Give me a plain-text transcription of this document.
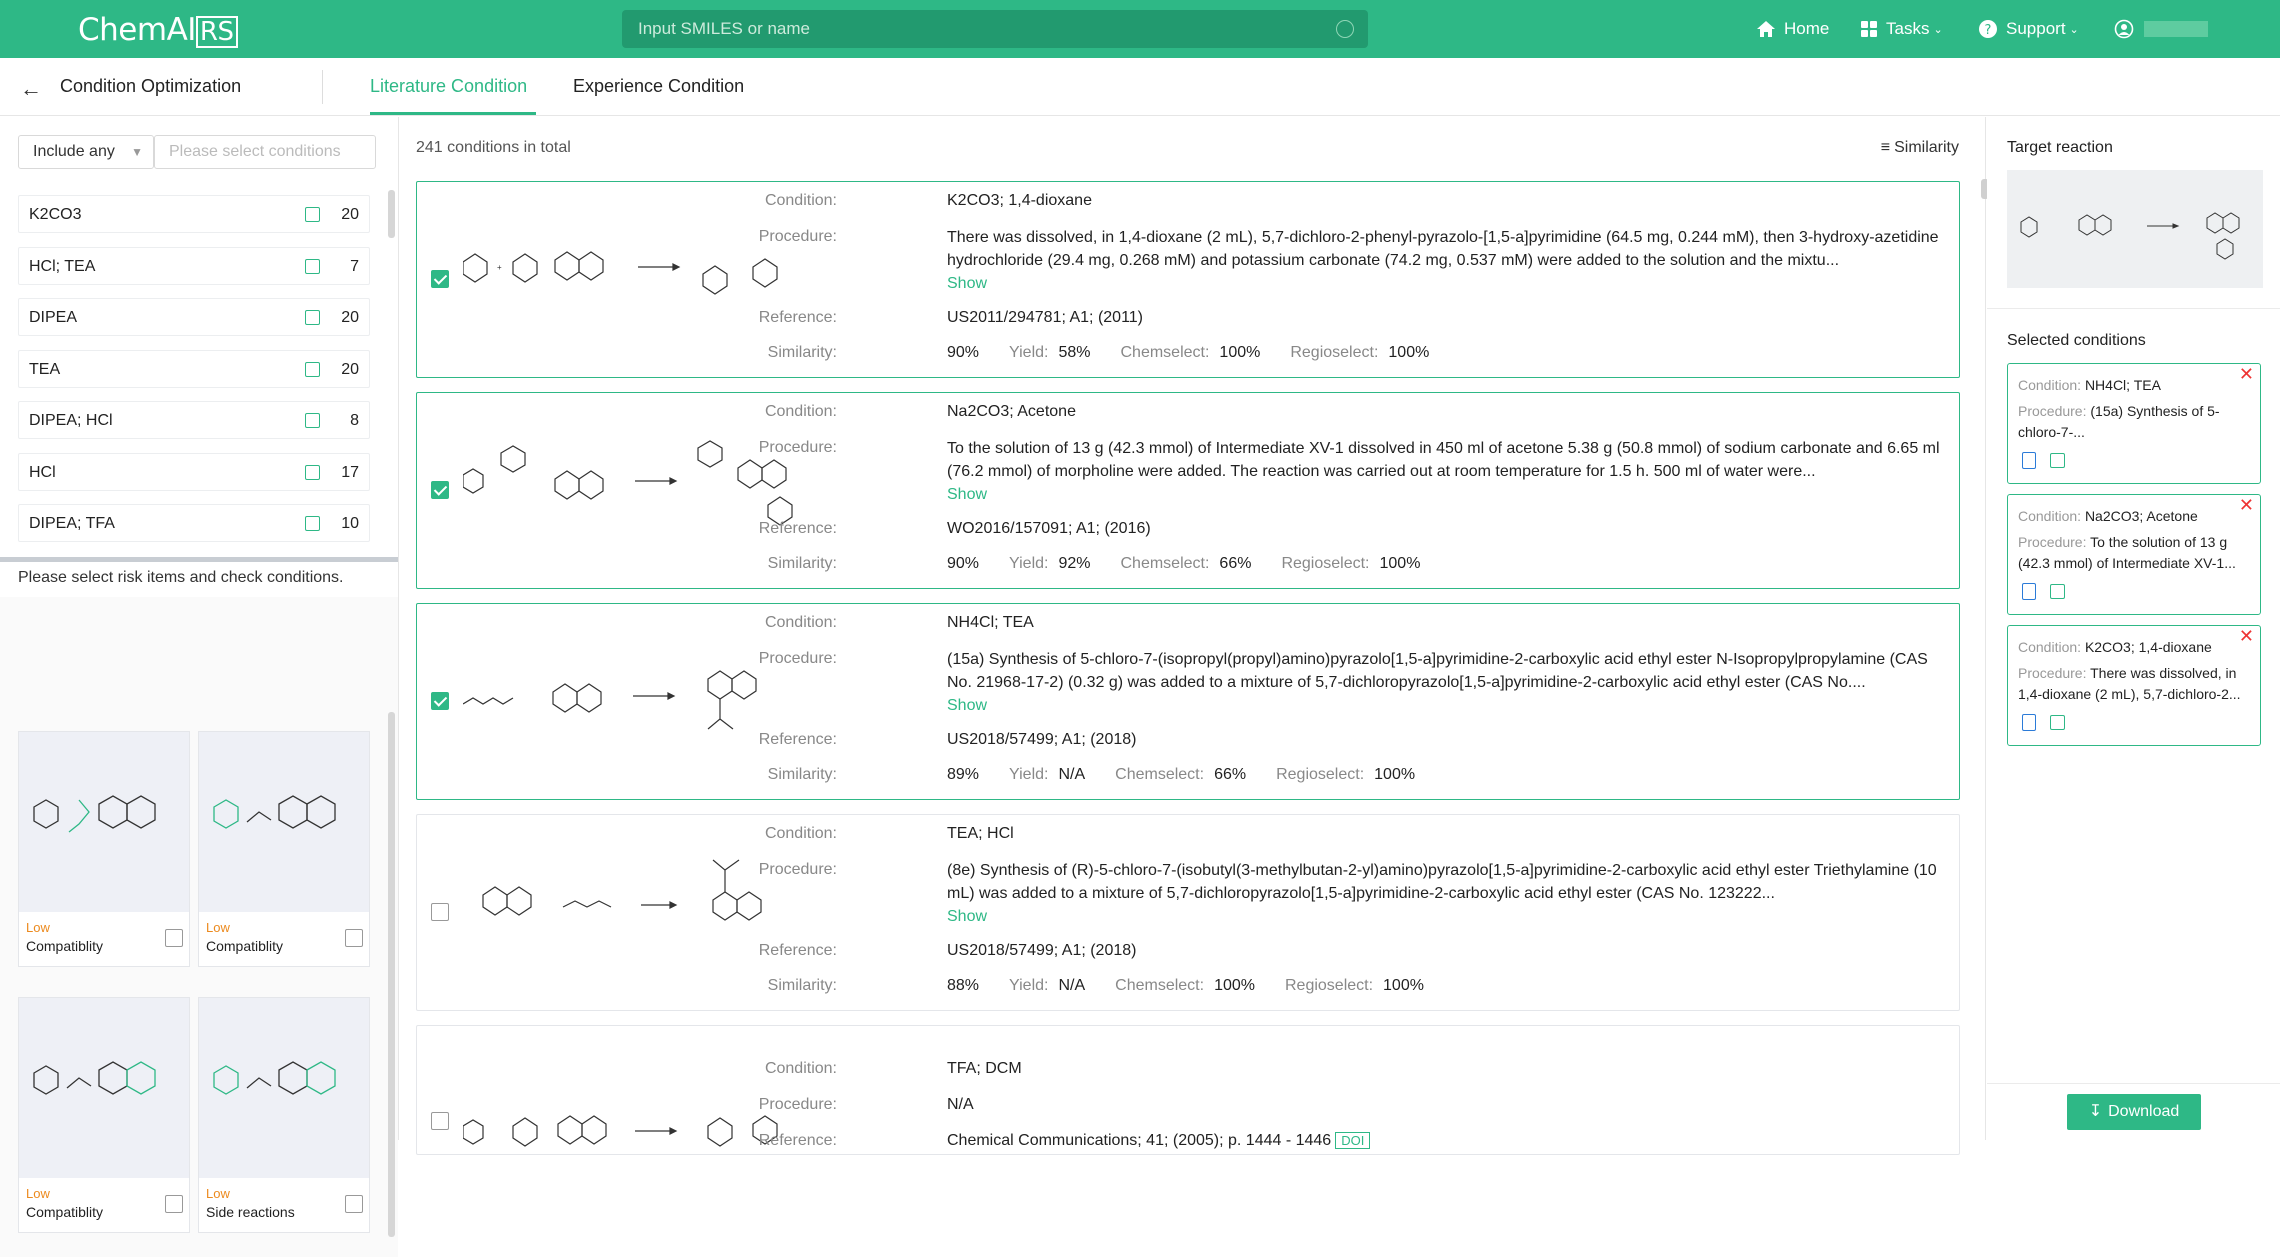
ChemAI RS
Input SMILES or name	Home	Tasks ⌄	? Support ⌄
← Condition Optimization	Literature Condition	Experience Condition
Include any ▼	Please select conditions
K2CO3	20
HCl; TEA	7
DIPEA	20
TEA	20
DIPEA; HCl	8
HCl	17
DIPEA; TFA	10
Please select risk items and check conditions.
Low
Compatiblity
Low
Compatiblity
Low
Compatiblity
Low
Side reactions
241 conditions in total	≡ Similarity
+
Condition:	K2CO3; 1,4-dioxane
Procedure:	There was dissolved, in 1,4-dioxane (2 mL), 5,7-dichloro-2-phenyl-pyrazolo-[1,5-a]pyrimidine (64.5 mg, 0.244 mM), then 3-hydroxy-azetidine hydrochloride (29.4 mg, 0.268 mM) and potassium carbonate (74.2 mg, 0.537 mM) were added to the solution and the mixtu...
Show
Reference:	US2011/294781; A1; (2011)
Similarity:	90% Yield: 58% Chemselect: 100% Regioselect: 100%
Condition:	Na2CO3; Acetone
Procedure:	To the solution of 13 g (42.3 mmol) of Intermediate XV-1 dissolved in 450 ml of acetone 5.38 g (50.8 mmol) of sodium carbonate and 6.65 ml (76.2 mmol) of morpholine were added. The reaction was carried out at room temperature for 1.5 h. 500 ml of water were...
Show
Reference:	WO2016/157091; A1; (2016)
Similarity:	90% Yield: 92% Chemselect: 66% Regioselect: 100%
Condition:	NH4Cl; TEA
Procedure:	(15a) Synthesis of 5-chloro-7-(isopropyl(propyl)amino)pyrazolo[1,5-a]pyrimidine-2-carboxylic acid ethyl ester N-Isopropylpropylamine (CAS No. 21968-17-2) (0.32 g) was added to a mixture of 5,7-dichloropyrazolo[1,5-a]pyrimidine-2-carboxylic acid ethyl ester (CAS No....
Show
Reference:	US2018/57499; A1; (2018)
Similarity:	89% Yield: N/A Chemselect: 66% Regioselect: 100%
Condition:	TEA; HCl
Procedure:	(8e) Synthesis of (R)-5-chloro-7-(isobutyl(3-methylbutan-2-yl)amino)pyrazolo[1,5-a]pyrimidine-2-carboxylic acid ethyl ester Triethylamine (10 mL) was added to a mixture of 5,7-dichloropyrazolo[1,5-a]pyrimidine-2-carboxylic acid ethyl ester (CAS No. 123222...
Show
Reference:	US2018/57499; A1; (2018)
Similarity:	88% Yield: N/A Chemselect: 100% Regioselect: 100%
Condition:	TFA; DCM
Procedure:	N/A
Reference:	Chemical Communications; 41; (2005); p. 1444 - 1446 DOI
Target reaction
Selected conditions
✕
Condition: NH4Cl; TEA
Procedure: (15a) Synthesis of 5-chloro-7-...
✕
Condition: Na2CO3; Acetone
Procedure: To the solution of 13 g (42.3 mmol) of Intermediate XV-1...
✕
Condition: K2CO3; 1,4-dioxane
Procedure: There was dissolved, in 1,4-dioxane (2 mL), 5,7-dichloro-2...
↧ Download
